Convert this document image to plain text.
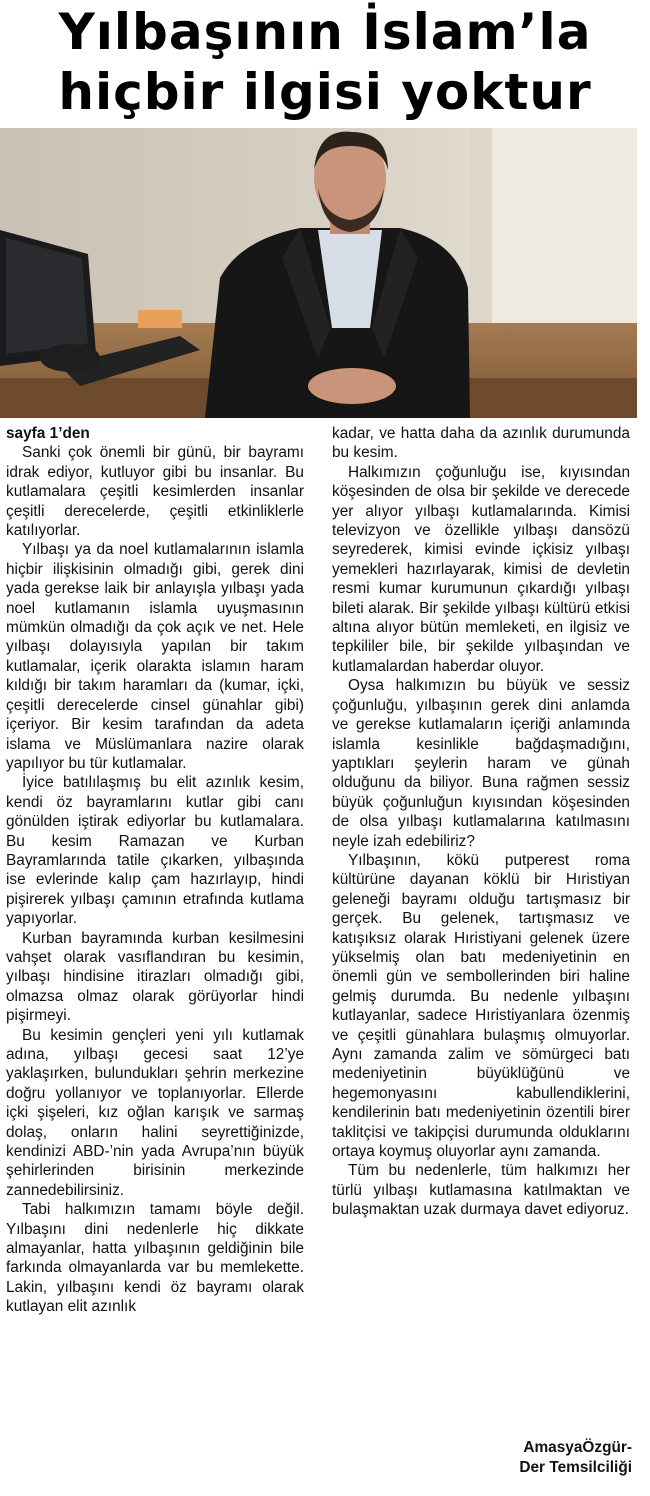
Yılbaşının İslam’la
hiçbir ilgisi yoktur

sayfa 1’den

Sanki çok önemli bir günü, bir bayramı idrak ediyor, kutluyor gibi bu insanlar. Bu kutlamalara çeşitli kesimlerden insanlar çeşitli derecelerde, çeşitli etkinliklerle katılıyorlar.

Yılbaşı ya da noel kutlamalarının islamla hiçbir ilişkisinin olmadığı gibi, gerek dini yada gerekse laik bir anlayışla yılbaşı yada noel kutlamanın islamla uyuşmasının mümkün olmadığı da çok açık ve net. Hele yılbaşı dolayısıyla yapılan bir takım kutlamalar, içerik olarakta islamın haram kıldığı bir takım haramları da (kumar, içki, çeşitli derecelerde cinsel günahlar gibi) içeriyor. Bir kesim tarafından da adeta islama ve Müslümanlara nazire olarak yapılıyor bu tür kutlamalar.

İyice batılılaşmış bu elit azınlık kesim, kendi öz bayramlarını kutlar gibi canı gönülden iştirak ediyorlar bu kutlamalara. Bu kesim Ramazan ve Kurban Bayramlarında tatile çıkarken, yılbaşında ise evlerinde kalıp çam hazırlayıp, hindi pişirerek yılbaşı çamının etrafında kutlama yapıyorlar.

Kurban bayramında kurban kesilmesini vahşet olarak vasıflandıran bu kesimin, yılbaşı hindisine itirazları olmadığı gibi, olmazsa olmaz olarak görüyorlar hindi pişirmeyi.

Bu kesimin gençleri yeni yılı kutlamak adına, yılbaşı gecesi saat 12’ye yaklaşırken, bulundukları şehrin merkezine doğru yollanıyor ve toplanıyorlar. Ellerde içki şişeleri, kız oğlan karışık ve sarmaş dolaş, onların halini seyrettiğinizde, kendinizi ABD-’nin yada Avrupa’nın büyük şehirlerinden birisinin merkezinde zannedebilirsiniz.

Tabi halkımızın tamamı böyle değil. Yılbaşını dini nedenlerle hiç dikkate almayanlar, hatta yılbaşının geldiğinin bile farkında olmayanlarda var bu memlekette. Lakin, yılbaşını kendi öz bayramı olarak kutlayan elit azınlık

kadar, ve hatta daha da azınlık durumunda bu kesim.

Halkımızın çoğunluğu ise, kıyısından köşesinden de olsa bir şekilde ve derecede yer alıyor yılbaşı kutlamalarında. Kimisi televizyon ve özellikle yılbaşı dansözü seyrederek, kimisi evinde içkisiz yılbaşı yemekleri hazırlayarak, kimisi de devletin resmi kumar kurumunun çıkardığı yılbaşı bileti alarak. Bir şekilde yılbaşı kültürü etkisi altına alıyor bütün memleketi, en ilgisiz ve tepkililer bile, bir şekilde yılbaşından ve kutlamalardan haberdar oluyor.

Oysa halkımızın bu büyük ve sessiz çoğunluğu, yılbaşının gerek dini anlamda ve gerekse kutlamaların içeriği anlamında islamla kesinlikle bağdaşmadığını, yaptıkları şeylerin haram ve günah olduğunu da biliyor. Buna rağmen sessiz büyük çoğunluğun kıyısından köşesinden de olsa yılbaşı kutlamalarına katılmasını neyle izah edebiliriz?

Yılbaşının, kökü putperest roma kültürüne dayanan köklü bir Hıristiyan geleneği bayramı olduğu tartışmasız bir gerçek. Bu gelenek, tartışmasız ve katışıksız olarak Hıristiyani gelenek üzere yükselmiş olan batı medeniyetinin en önemli gün ve sembollerinden biri haline gelmiş durumda. Bu nedenle yılbaşını kutlayanlar, sadece Hıristiyanlara özenmiş ve çeşitli günahlara bulaşmış olmuyorlar. Aynı zamanda zalim ve sömürgeci batı medeniyetinin büyüklüğünü ve hegemonyasını kabullendiklerini, kendilerinin batı medeniyetinin özentili birer taklitçisi ve takipçisi durumunda olduklarını ortaya koymuş oluyorlar aynı zamanda.

Tüm bu nedenlerle, tüm halkımızı her türlü yılbaşı kutlamasına katılmaktan ve bulaşmaktan uzak durmaya davet ediyoruz.

AmasyaÖzgür-
Der Temsilciliği
